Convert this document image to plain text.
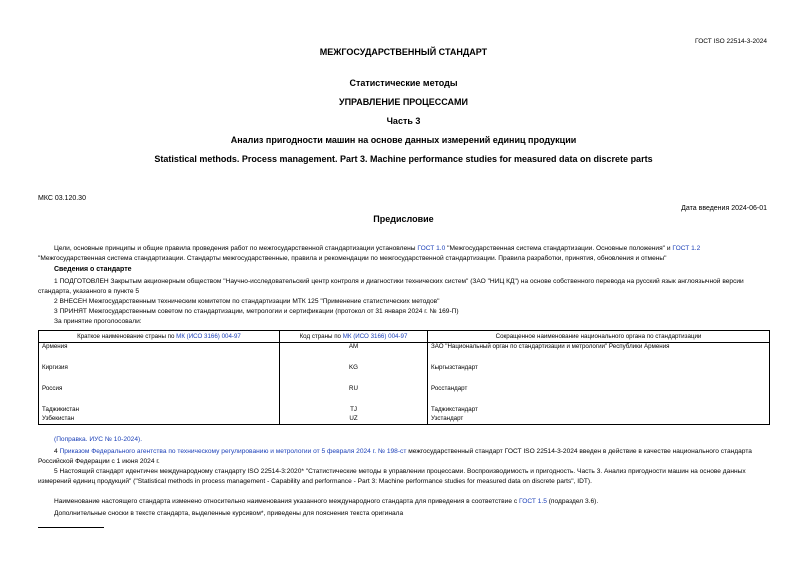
ГОСТ ISO 22514-3-2024
МЕЖГОСУДАРСТВЕННЫЙ СТАНДАРТ
Статистические методы
УПРАВЛЕНИЕ ПРОЦЕССАМИ
Часть 3
Анализ пригодности машин на основе данных измерений единиц продукции
Statistical methods. Process management. Part 3. Machine performance studies for measured data on discrete parts
МКС 03.120.30
Дата введения 2024-06-01
Предисловие
Цели, основные принципы и общие правила проведения работ по межгосударственной стандартизации установлены ГОСТ 1.0 "Межгосударственная система стандартизации. Основные положения" и ГОСТ 1.2 "Межгосударственная система стандартизации. Стандарты межгосударственные, правила и рекомендации по межгосударственной стандартизации. Правила разработки, принятия, обновления и отмены"
Сведения о стандарте
1 ПОДГОТОВЛЕН Закрытым акционерным обществом "Научно-исследовательский центр контроля и диагностики технических систем" (ЗАО "НИЦ КД") на основе собственного перевода на русский язык англоязычной версии стандарта, указанного в пункте 5
2 ВНЕСЕН Межгосударственным техническим комитетом по стандартизации МТК 125 "Применение статистических методов"
3 ПРИНЯТ Межгосударственным советом по стандартизации, метрологии и сертификации (протокол от 31 января 2024 г. № 169-П)
За принятие проголосовали:
Краткое наименование страны по МК (ИСО 3166) 004-97	Код страны по МК (ИСО 3166) 004-97	Сокращенное наименование национального органа по стандартизации
Армения	AM	ЗАО "Национальный орган по стандартизации и метрологии" Республики Армения

Киргизия	KG	Кыргызстандарт

Россия	RU	Росстандарт

Таджикистан	TJ	Таджикстандарт
Узбекистан	UZ	Узстандарт
(Поправка. ИУС № 10-2024).
4 Приказом Федерального агентства по техническому регулированию и метрологии от 5 февраля 2024 г. № 198-ст межгосударственный стандарт ГОСТ ISO 22514-3-2024 введен в действие в качестве национального стандарта Российской Федерации с 1 июня 2024 г.
5 Настоящий стандарт идентичен международному стандарту ISO 22514-3:2020* "Статистические методы в управлении процессами. Воспроизводимость и пригодность. Часть 3. Анализ пригодности машин на основе данных измерений единиц продукций" ("Statistical methods in process management - Capability and performance - Part 3: Machine performance studies for measured data on discrete parts", IDT).
Наименование настоящего стандарта изменено относительно наименования указанного международного стандарта для приведения в соответствие с ГОСТ 1.5 (подраздел 3.6).
Дополнительные сноски в тексте стандарта, выделенные курсивом*, приведены для пояснения текста оригинала
